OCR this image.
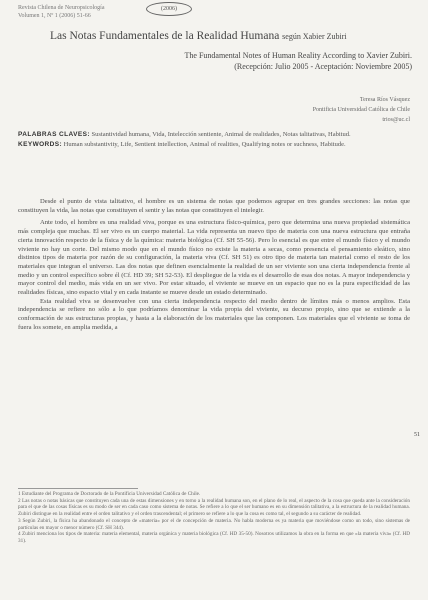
Revista Chilena de Neuropsicología
Volumen 1, Nº 1 (2006) 51-66
(2006)
Las Notas Fundamentales de la Realidad Humana según Xabier Zubiri
The Fundamental Notes of Human Reality According to Xavier Zubiri.
(Recepción: Julio 2005 - Aceptación: Noviembre 2005)
Teresa Ríos Vásquez
Pontificia Universidad Católica de Chile
trios@uc.cl
PALABRAS CLAVES: Sustantividad humana, Vida, Intelección sentiente, Animal de realidades, Notas talitativas, Habitud.
KEYWORDS: Human substantivity, Life, Sentient intellection, Animal of realities, Qualifying notes or suchness, Habitude.

Desde el punto de vista talitativo, el hombre es un sistema de notas que podemos agrupar en tres grandes secciones: las notas que constituyen la vida, las notas que constituyen el sentir y las notas que constituyen el intelegir.

Ante todo, el hombre es una realidad viva, porque es una estructura físico-química, pero que determina una nueva propiedad sistemática más compleja que muchas. El ser vivo es un cuerpo material. La vida representa un nuevo tipo de materia con una nueva estructura que entraña cierta innovación respecto de la física y de la química: materia biológica (Cf. SH 55-56). Pero lo esencial es que entre el mundo físico y el mundo viviente no hay un corte. Del mismo modo que en el mundo físico no existe la materia a secas, como presencia el pensamiento eleático, sino distintos tipos de materia por razón de su configuración, la materia viva (Cf. SH 51) es otro tipo de materia tan material como el resto de los materiales que integran el universo. Las dos notas que definen esencialmente la realidad de un ser viviente son una cierta independencia frente al medio y un control específico sobre él (Cf. HD 39; SH 52-53). El despliegue de la vida es el desarrollo de esas dos notas. A mayor independencia y mayor control del medio, más vida en un ser vivo. Por estar situado, el viviente se mueve en un espacio que no es la pura especificidad de las realidades físicas, sino espacio vital y en cada instante se mueve desde un estado determinado.

Esta realidad viva se desenvuelve con una cierta independencia respecto del medio dentro de límites más o menos amplios. Esta independencia se refiere no sólo a lo que podríamos denominar la vida propia del viviente, su decurso propio, sino que se extiende a la conformación de sus estructuras propias, y hasta a la elaboración de los materiales que las componen. Los materiales que el viviente se toma de fuera los somete, en amplia medida, a

51

1 Estudiante del Programa de Doctorado de la Pontificia Universidad Católica de Chile.

2 Las notas o notas básicas que constituyen cada una de estas dimensiones y en torno a la realidad humana son, en el plano de lo real, el aspecto de la cosa que queda ante la consideración para el que de las cosas físicas es su modo de ser en cada caso como sistema de notas. Se refiere a lo que el ser humano es en su dimensión talitativa, a la estructura de la realidad humana. Zubiri distingue en la realidad entre el orden talitativo y el orden trascendental; el primero se refiere a lo que la cosa es como tal, el segundo a su carácter de realidad.

3 Según Zubiri, la física ha abandonado el concepto de «materia» por el de concepción de materia. No habla moderna es ya materia que moviéndose como un todo, sino sistemas de partículas en mayor o menor número (Cf. SH 344).

4 Zubiri menciona los tipos de materia: materia elemental, materia orgánica y materia biológica (Cf. HD 35-50). Nosotros utilizamos la obra en la forma en que «la materia viva» (Cf. HD 31).
